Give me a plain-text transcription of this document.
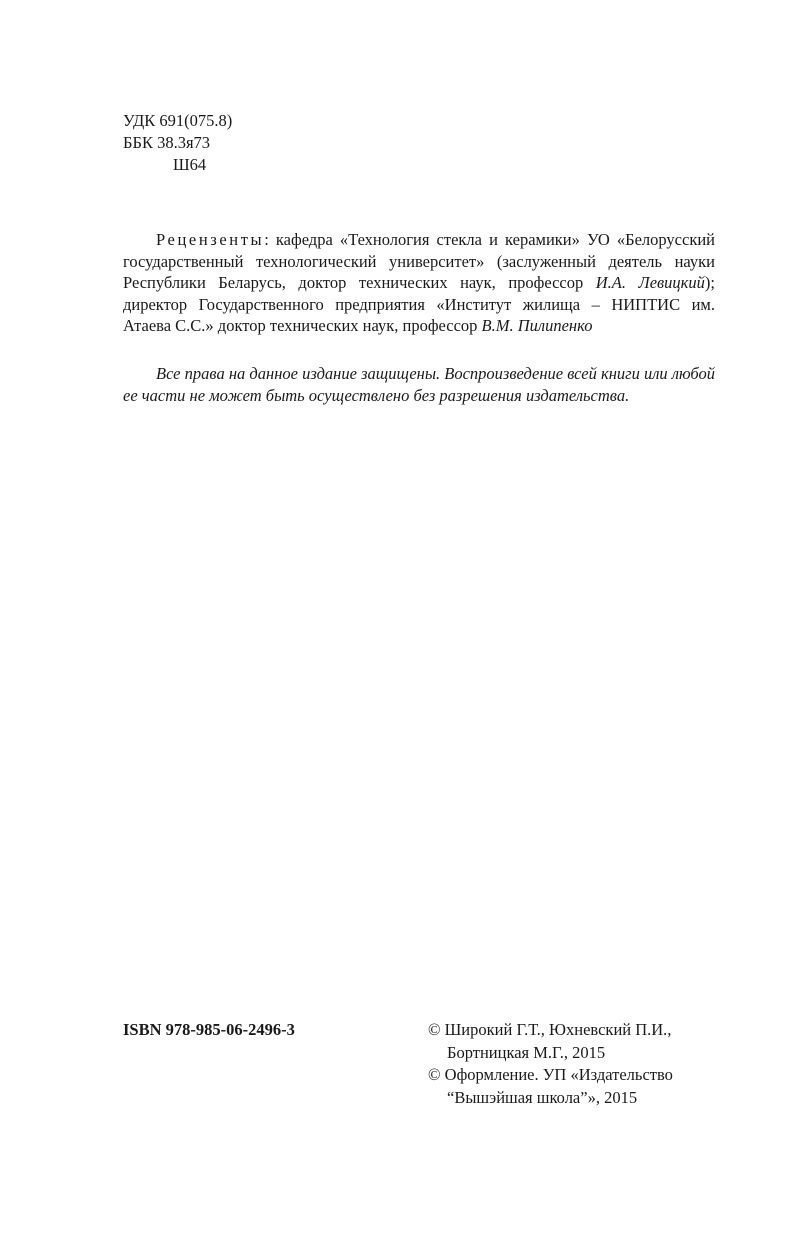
УДК 691(075.8)
ББК 38.3я73
Ш64

Рецензенты: кафедра «Технология стекла и керамики» УО «Белорусский государственный технологический университет» (заслуженный деятель науки Республики Беларусь, доктор технических наук, профессор И.А. Левицкий); директор Государственного предприятия «Институт жилища – НИПТИС им. Атаева С.С.» доктор технических наук, профессор В.М. Пилипенко

Все права на данное издание защищены. Воспроизведение всей книги или любой ее части не может быть осуществлено без разрешения издательства.

ISBN 978-985-06-2496-3	© Широкий Г.Т., Юхневский П.И.,
Бортницкая М.Г., 2015
© Оформление. УП «Издательство
“Вышэйшая школа”», 2015
